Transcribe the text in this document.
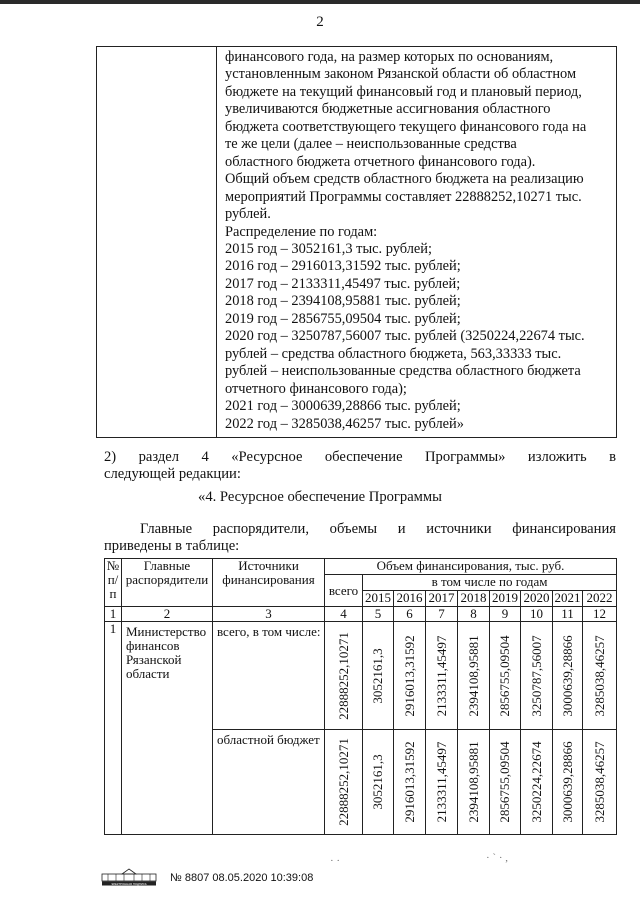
2

финансового года, на размер которых по основаниям,
установленным законом Рязанской области об областном
бюджете на текущий финансовый год и плановый период,
увеличиваются бюджетные ассигнования областного
бюджета соответствующего текущего финансового года на
те же цели (далее – неиспользованные средства
областного бюджета отчетного финансового года).
Общий объем средств областного бюджета на реализацию
мероприятий Программы составляет 22888252,10271 тыс.
рублей.
Распределение по годам:
2015 год – 3052161,3 тыс. рублей;
2016 год – 2916013,31592 тыс. рублей;
2017 год – 2133311,45497 тыс. рублей;
2018 год – 2394108,95881 тыс. рублей;
2019 год – 2856755,09504 тыс. рублей;
2020 год – 3250787,56007 тыс. рублей (3250224,22674 тыс.
рублей – средства областного бюджета, 563,33333 тыс.
рублей – неиспользованные средства областного бюджета
отчетного финансового года);
2021 год – 3000639,28866 тыс. рублей;
2022 год – 3285038,46257 тыс. рублей»
2) раздел 4 «Ресурсное обеспечение Программы» изложить в
следующей редакции:
«4. Ресурсное обеспечение Программы
Главные распорядители, объемы и источники финансирования
приведены в таблице:
№ п/п	Главные распорядители	Источники финансирования	Объем финансирования, тыс. руб.								
			всего	в том числе по годам							
				2015	2016	2017	2018	2019	2020	2021	2022
1	2	3	4	5	6	7	8	9	10	11	12
1	Министерство финансов Рязанской области	всего, в том числе:	22888252,10271	3052161,3	2916013,31592	2133311,45497	2394108,95881	2856755,09504	3250787,56007	3000639,28866	3285038,46257

		областной бюджет	22888252,10271	3052161,3	2916013,31592	2133311,45497	2394108,95881	2856755,09504	3250224,22674	3000639,28866	3285038,46257
ЭЛЕКТРОННАЯ ПОДПИСЬ № 8807 08.05.2020 10:39:08
· ·	· ` · ,
